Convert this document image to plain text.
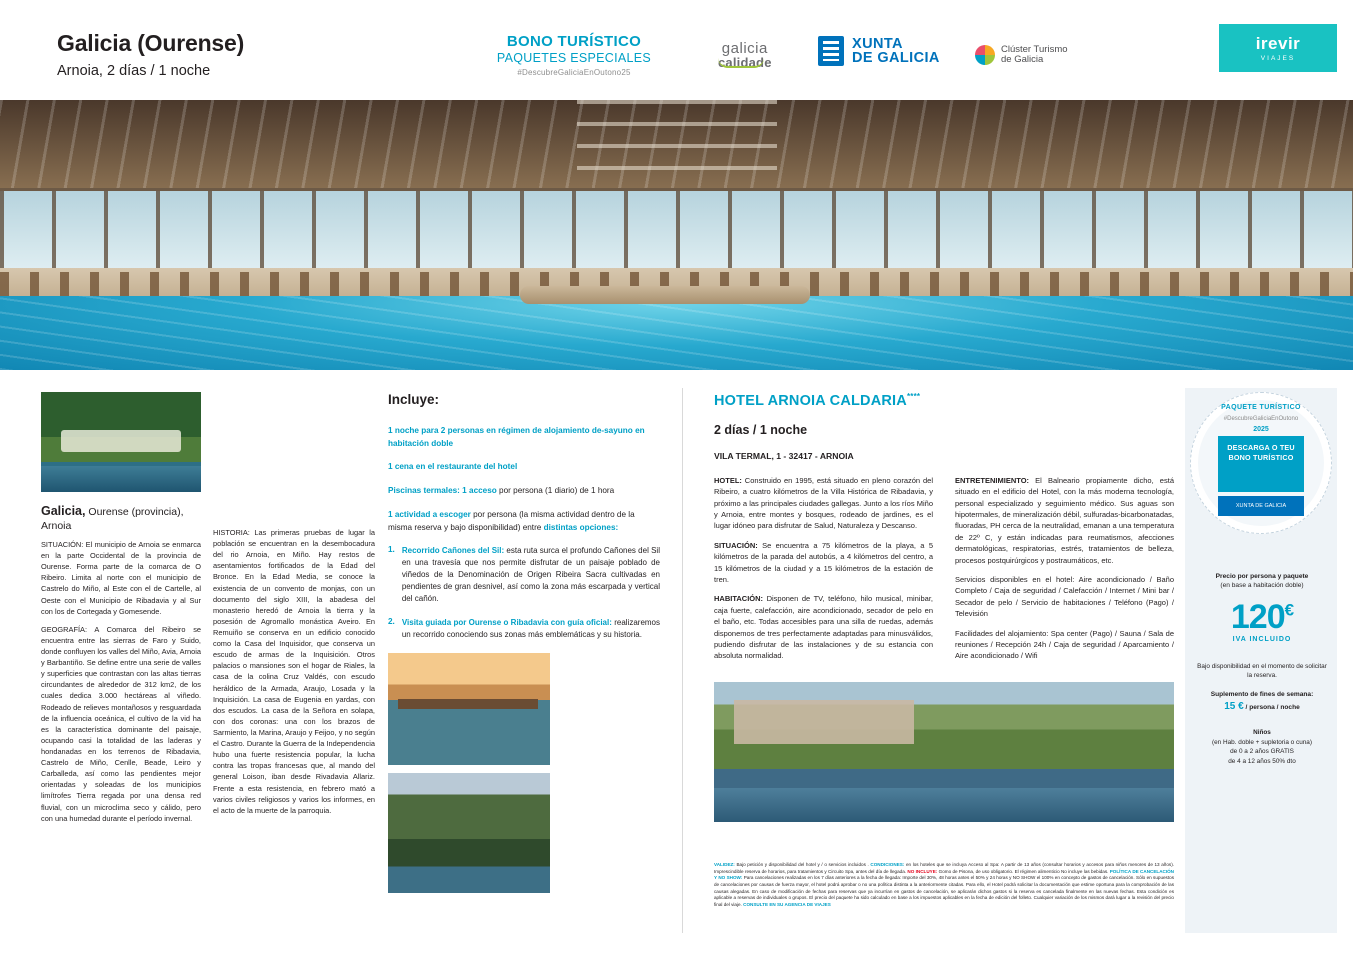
Galicia (Ourense)
Arnoia, 2 días / 1 noche
BONO TURÍSTICO
PAQUETES ESPECIALES
#DescubreGaliciaEnOutono25
galicia
calidade
XUNTA
DE GALICIA
Clúster Turismo
de Galicia
irevir
VIAJES
Galicia, Ourense (provincia), Arnoia

SITUACIÓN: El municipio de Arnoia se enmarca en la parte Occidental de la provincia de Ourense. Forma parte de la comarca de O Ribeiro. Limita al norte con el municipio de Castrelo do Miño, al Este con el de Cartelle, al Oeste con el Municipio de Ribadavia y al Sur con los de Cortegada y Gomesende.

GEOGRAFÍA: A Comarca del Ribeiro se encuentra entre las sierras de Faro y Suido, donde confluyen los valles del Miño, Avia, Arnoia y Barbantiño. Se define entre una serie de valles y superficies que contrastan con las altas tierras circundantes de alrededor de 312 km2, de los cuales dedica 3.000 hectáreas al viñedo. Rodeado de relieves montañosos y resguardada de la influencia oceánica, el cultivo de la vid ha es la característica dominante del paisaje, ocupando casi la totalidad de las laderas y hondanadas en los terrenos de Ribadavia, Castrelo de Miño, Cenlle, Beade, Leiro y Carballeda, así como las pendientes mejor orientadas y soleadas de los municipios limítrofes Tierra regada por una densa red fluvial, con un microclima seco y cálido, pero con una humedad durante el período invernal.

HISTORIA: Las primeras pruebas de lugar la población se encuentran en la desembocadura del rio Arnoia, en Miño. Hay restos de asentamientos fortificados de la Edad del Bronce. En la Edad Media, se conoce la existencia de un convento de monjas, con un documento del siglo XIII, la abadesa del monasterio heredó de Arnoia la tierra y la posesión de Agromallo monástica Aveiro. En Remuiño se conserva en un edificio conocido como la Casa del Inquisidor, que conserva un escudo de armas de la Inquisición. Otros palacios o mansiones son el hogar de Riales, la casa de la colina Cruz Valdés, con escudo heráldico de la Armada, Araujo, Losada y la Inquisición. La casa de Eugenia en yardas, con dos escudos. La casa de la Señora en solapa, con dos coronas: una con los brazos de Sarmiento, la Marina, Araujo y Feijoo, y no según el Castro. Durante la Guerra de la Independencia hubo una fuerte resistencia popular, la lucha contra las tropas francesas que, al mando del general Loison, iban desde Rivadavia Allariz. Frente a esta resistencia, en febrero mató a varios civiles religiosos y varios los informes, en el acto de la muerte de la parroquia.

Incluye:
1 noche para 2 personas en régimen de alojamiento de-sayuno en habitación doble
1 cena en el restaurante del hotel
Piscinas termales: 1 acceso por persona (1 diario) de 1 hora
1 actividad a escoger por persona (la misma actividad dentro de la misma reserva y bajo disponibilidad) entre distintas opciones:
1. Recorrido Cañones del Sil: esta ruta surca el profundo Cañones del Sil en una travesía que nos permite disfrutar de un paisaje poblado de viñedos de la Denominación de Origen Ribeira Sacra cultivadas en pendientes de gran desnivel, así como la zona más escarpada y vertical del cañón.
2. Visita guiada por Ourense o Ribadavia con guía oficial: realizaremos un recorrido conociendo sus zonas más emblemáticas y su historia.
HOTEL ARNOIA CALDARIA****
2 días / 1 noche
VILA TERMAL, 1 - 32417 - ARNOIA

HOTEL: Construido en 1995, está situado en pleno corazón del Ribeiro, a cuatro kilómetros de la Villa Histórica de Ribadavia, y próximo a las principales ciudades gallegas. Junto a los ríos Miño y Arnoia, entre montes y bosques, rodeado de jardines, es el lugar idóneo para disfrutar de Salud, Naturaleza y Descanso.

SITUACIÓN: Se encuentra a 75 kilómetros de la playa, a 5 kilómetros de la parada del autobús, a 4 kilómetros del centro, a 15 kilómetros de la ciudad y a 15 kilómetros de la estación de tren.

HABITACIÓN: Disponen de TV, teléfono, hilo musical, minibar, caja fuerte, calefacción, aire acondicionado, secador de pelo en el baño, etc. Todas accesibles para una silla de ruedas, además disponemos de tres perfectamente adaptadas para minusválidos, pudiendo disfrutar de las instalaciones y de su estancia con absoluta normalidad.

ENTRETENIMIENTO: El Balneario propiamente dicho, está situado en el edificio del Hotel, con la más moderna tecnología, personal especializado y seguimiento médico. Sus aguas son hipotermales, de mineralización débil, sulfuradas-bicarbonatadas, fluoradas, PH cerca de la neutralidad, emanan a una temperatura de 22º C, y están indicadas para reumatismos, afecciones dermatológicas, respiratorias, estrés, tratamientos de belleza, procesos postquirúrgicos y postraumáticos, etc.

Servicios disponibles en el hotel: Aire acondicionado / Baño Completo / Caja de seguridad / Calefacción / Internet / Mini bar / Secador de pelo / Servicio de habitaciones / Teléfono (Pago) / Televisión

Facilidades del alojamiento: Spa center (Pago) / Sauna / Sala de reuniones / Recepción 24h / Caja de seguridad / Aparcamiento / Aire acondicionado / Wifi

PAQUETE TURÍSTICO
#DescubreGaliciaEnOutono
2025
DESCARGA O TEU BONO TURÍSTICO
XUNTA DE GALICIA
Precio por persona y paquete
(en base a habitación doble)
120€
IVA INCLUIDO
Bajo disponibilidad en el momento de solicitar la reserva.
Suplemento de fines de semana:
15 € / persona / noche
Niños
(en Hab. doble + supletoria o cuna)
de 0 a 2 años GRATIS
de 4 a 12 años 50% dto
VALIDEZ: Bajo petición y disponibilidad del hotel y / o servicios incluidos . CONDICIONES: en los hoteles que se incluya Acceso al Spa: A partir de 13 años (consultar horarios y accesos para niños menores de 13 años). Imprescindible reserva de horarios, para tratamientos y Circuito Spa, antes del día de llegada. NO INCLUYE: Gomo de Pisona, de uso obligatorio. El régimen alimenticio No incluye las bebidas. POLÍTICA DE CANCELACIÓN Y NO SHOW: Para cancelaciones realizadas en los 7 días anteriores a la fecha de llegada: Importe del 30%, 48 horas antes el 50% y 24 horas y NO SHOW el 100% en concepto de gastos de cancelación. Sólo en supuestos de cancelaciones por causas de fuerza mayor, el hotel podrá aprobar o no una política distinta a la anteriormente citadas. Para ello, el Hotel podrá solicitar la documentación que estime oportuna para la comprobación de las causas alegadas. En caso de modificación de fechas para reservas que ya incurrían en gastos de cancelación, se aplicarán dichos gastos si la reserva es cancelada finalmente en las nuevas fechas. Esta condición es aplicable a reservas de individuales o grupos. El precio del paquete ha sido calculado en base a los impuestos aplicables en la fecha de edición del folleto. Cualquier variación de los mismos dará lugar a la revisión del precio final del viaje. CONSULTE EN SU AGENCIA DE VIAJES
